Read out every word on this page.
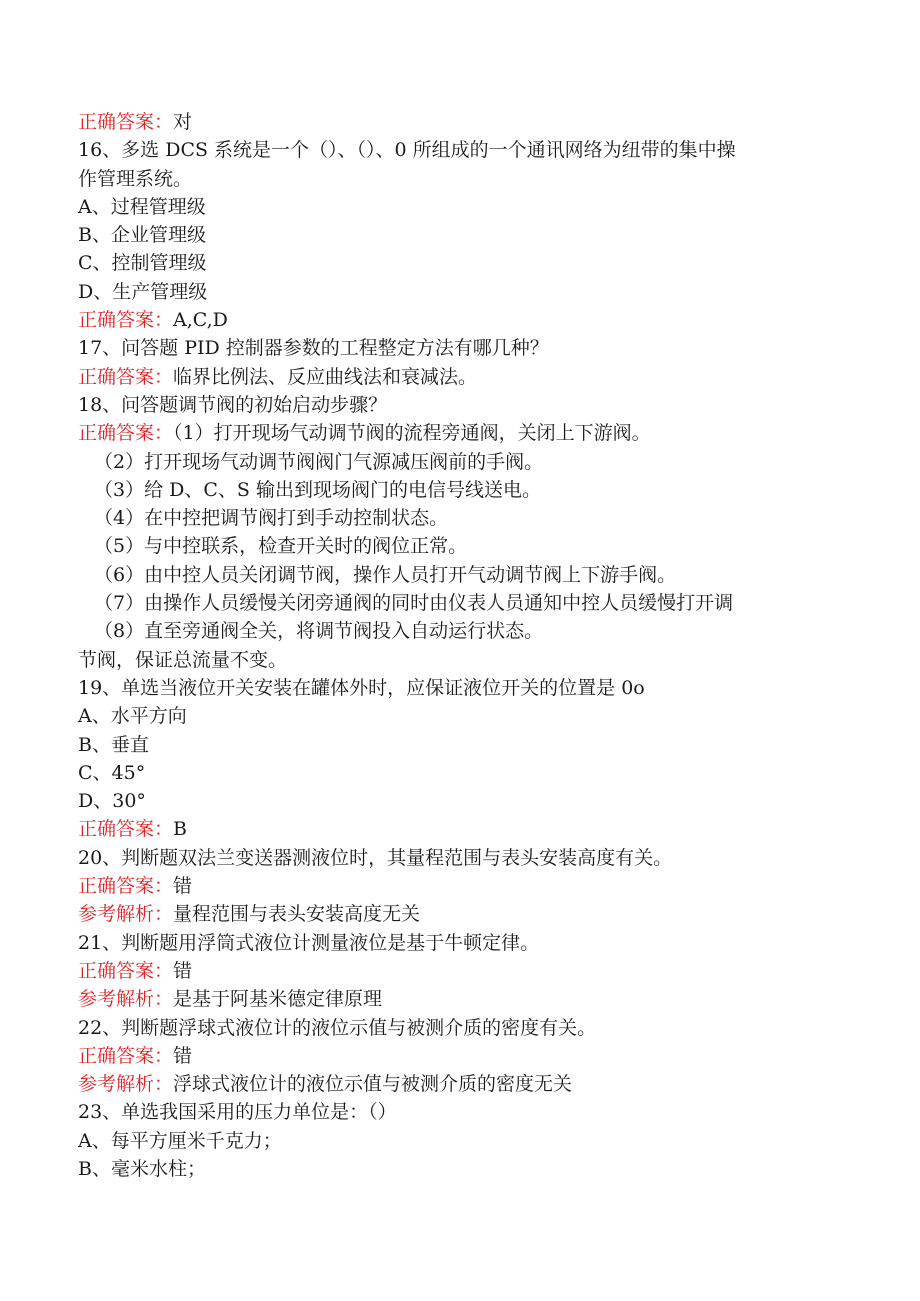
正确答案：对
16、多选 DCS 系统是一个（）、（）、0 所组成的一个通讯网络为纽带的集中操
作管理系统。
A、过程管理级
B、企业管理级
C、控制管理级
D、生产管理级
正确答案：A,C,D
17、问答题 PID 控制器参数的工程整定方法有哪几种？
正确答案：临界比例法、反应曲线法和衰减法。
18、问答题调节阀的初始启动步骤？
正确答案：（1）打开现场气动调节阀的流程旁通阀，关闭上下游阀。
（2）打开现场气动调节阀阀门气源减压阀前的手阀。
（3）给 D、C、S 输出到现场阀门的电信号线送电。
（4）在中控把调节阀打到手动控制状态。
（5）与中控联系，检查开关时的阀位正常。
（6）由中控人员关闭调节阀，操作人员打开气动调节阀上下游手阀。
（7）由操作人员缓慢关闭旁通阀的同时由仪表人员通知中控人员缓慢打开调
（8）直至旁通阀全关，将调节阀投入自动运行状态。
节阀，保证总流量不变。
19、单选当液位开关安装在罐体外时，应保证液位开关的位置是 0o
A、水平方向
B、垂直
C、45°
D、30°
正确答案：B
20、判断题双法兰变送器测液位时，其量程范围与表头安装高度有关。
正确答案：错
参考解析：量程范围与表头安装高度无关
21、判断题用浮筒式液位计测量液位是基于牛顿定律。
正确答案：错
参考解析：是基于阿基米德定律原理
22、判断题浮球式液位计的液位示值与被测介质的密度有关。
正确答案：错
参考解析：浮球式液位计的液位示值与被测介质的密度无关
23、单选我国采用的压力单位是：（）
A、每平方厘米千克力；
B、毫米水柱；
